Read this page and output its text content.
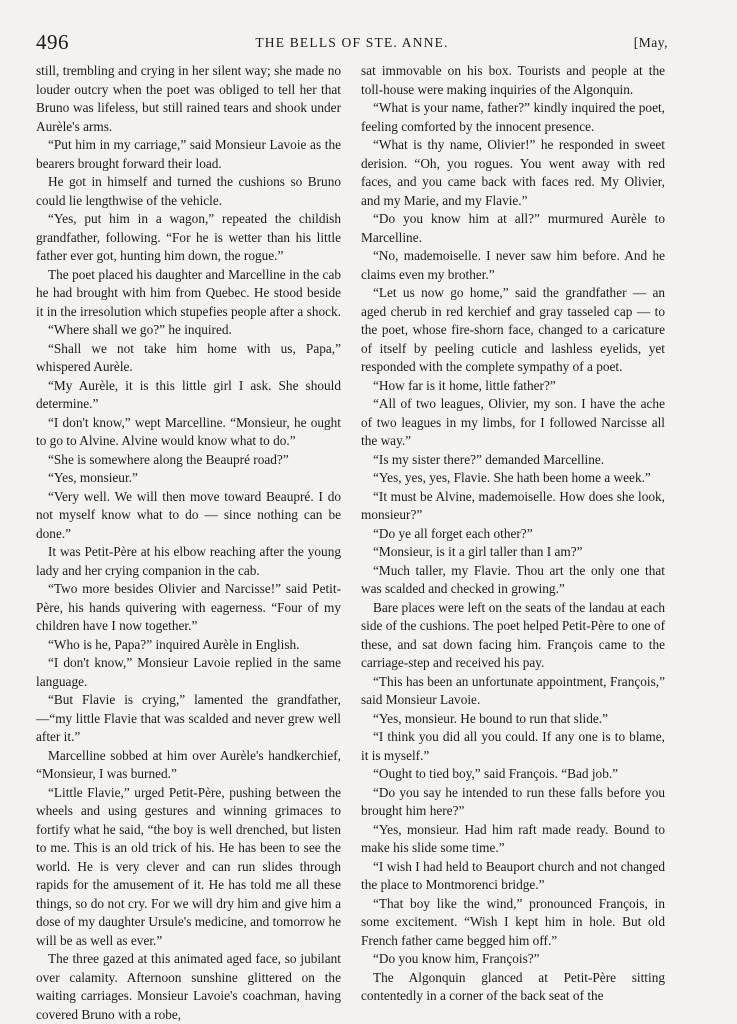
496	THE BELLS OF STE. ANNE.	[May,

still, trembling and crying in her silent way; she made no louder outcry when the poet was obliged to tell her that Bruno was lifeless, but still rained tears and shook under Aurèle's arms.

“Put him in my carriage,” said Monsieur Lavoie as the bearers brought forward their load.

He got in himself and turned the cushions so Bruno could lie lengthwise of the vehicle.

“Yes, put him in a wagon,” repeated the childish grandfather, following. “For he is wetter than his little father ever got, hunting him down, the rogue.”

The poet placed his daughter and Marcelline in the cab he had brought with him from Quebec. He stood beside it in the irresolution which stupefies people after a shock.

“Where shall we go?” he inquired.

“Shall we not take him home with us, Papa,” whispered Aurèle.

“My Aurèle, it is this little girl I ask. She should determine.”

“I don't know,” wept Marcelline. “Monsieur, he ought to go to Alvine. Alvine would know what to do.”

“She is somewhere along the Beaupré road?”

“Yes, monsieur.”

“Very well. We will then move toward Beaupré. I do not myself know what to do — since nothing can be done.”

It was Petit-Père at his elbow reaching after the young lady and her crying companion in the cab.

“Two more besides Olivier and Narcisse!” said Petit-Père, his hands quivering with eagerness. “Four of my children have I now together.”

“Who is he, Papa?” inquired Aurèle in English.

“I don't know,” Monsieur Lavoie replied in the same language.

“But Flavie is crying,” lamented the grandfather,—“my little Flavie that was scalded and never grew well after it.”

Marcelline sobbed at him over Aurèle's handkerchief, “Monsieur, I was burned.”

“Little Flavie,” urged Petit-Père, pushing between the wheels and using gestures and winning grimaces to fortify what he said, “the boy is well drenched, but listen to me. This is an old trick of his. He has been to see the world. He is very clever and can run slides through rapids for the amusement of it. He has told me all these things, so do not cry. For we will dry him and give him a dose of my daughter Ursule's medicine, and tomorrow he will be as well as ever.”

The three gazed at this animated aged face, so jubilant over calamity. Afternoon sunshine glittered on the waiting carriages. Monsieur Lavoie's coachman, having covered Bruno with a robe,

sat immovable on his box. Tourists and people at the toll-house were making inquiries of the Algonquin.

“What is your name, father?” kindly inquired the poet, feeling comforted by the innocent presence.

“What is thy name, Olivier!” he responded in sweet derision. “Oh, you rogues. You went away with red faces, and you came back with faces red. My Olivier, and my Marie, and my Flavie.”

“Do you know him at all?” murmured Aurèle to Marcelline.

“No, mademoiselle. I never saw him before. And he claims even my brother.”

“Let us now go home,” said the grandfather — an aged cherub in red kerchief and gray tasseled cap — to the poet, whose fire-shorn face, changed to a caricature of itself by peeling cuticle and lashless eyelids, yet responded with the complete sympathy of a poet.

“How far is it home, little father?”

“All of two leagues, Olivier, my son. I have the ache of two leagues in my limbs, for I followed Narcisse all the way.”

“Is my sister there?” demanded Marcelline.

“Yes, yes, yes, Flavie. She hath been home a week.”

“It must be Alvine, mademoiselle. How does she look, monsieur?”

“Do ye all forget each other?”

“Monsieur, is it a girl taller than I am?”

“Much taller, my Flavie. Thou art the only one that was scalded and checked in growing.”

Bare places were left on the seats of the landau at each side of the cushions. The poet helped Petit-Père to one of these, and sat down facing him. François came to the carriage-step and received his pay.

“This has been an unfortunate appointment, François,” said Monsieur Lavoie.

“Yes, monsieur. He bound to run that slide.”

“I think you did all you could. If any one is to blame, it is myself.”

“Ought to tied boy,” said François. “Bad job.”

“Do you say he intended to run these falls before you brought him here?”

“Yes, monsieur. Had him raft made ready. Bound to make his slide some time.”

“I wish I had held to Beauport church and not changed the place to Montmorenci bridge.”

“That boy like the wind,” pronounced François, in some excitement. “Wish I kept him in hole. But old French father came begged him off.”

“Do you know him, François?”

The Algonquin glanced at Petit-Père sitting contentedly in a corner of the back seat of the
